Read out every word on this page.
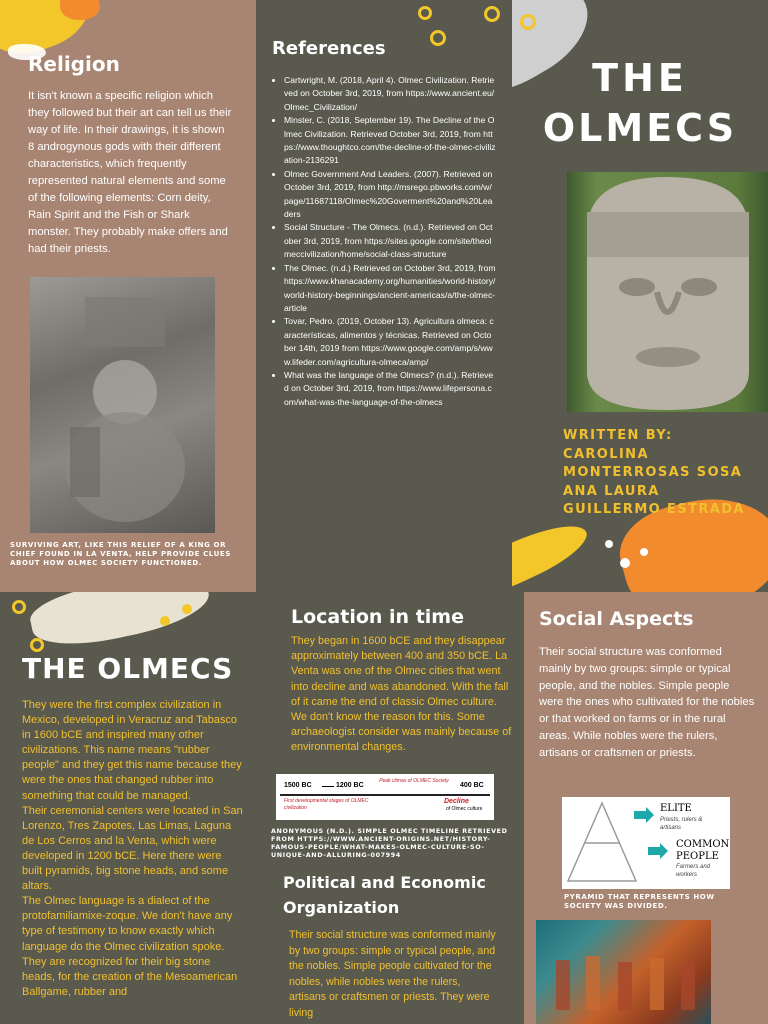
Religion

It isn't known a specific religion which they followed but their art can tell us their way of life. In their drawings, it is shown 8 androgynous gods with their different characteristics, which frequently represented natural elements and some of the following elements: Corn deity, Rain Spirit and the Fish or Shark monster. They probably make offers and had their priests.

SURVIVING ART, LIKE THIS RELIEF OF A KING OR CHIEF FOUND IN LA VENTA, HELP PROVIDE CLUES ABOUT HOW OLMEC SOCIETY FUNCTIONED.

References
• Cartwright, M. (2018, April 4). Olmec Civilization. Retrieved on October 3rd, 2019, from https://www.ancient.eu/Olmec_Civilization/
• Minster, C. (2018, September 19). The Decline of the Olmec Civilization. Retrieved October 3rd, 2019, from https://www.thoughtco.com/the-decline-of-the-olmec-civilization-2136291
• Olmec Government And Leaders. (2007). Retrieved on October 3rd, 2019, from http://msrego.pbworks.com/w/page/11687118/Olmec%20Goverment%20and%20Leaders
• Social Structure - The Olmecs. (n.d.). Retrieved on October 3rd, 2019, from https://sites.google.com/site/theolmeccivilization/home/social-class-structure
• The Olmec. (n.d.) Retrieved on October 3rd, 2019, from https://www.khanacademy.org/humanities/world-history/world-history-beginnings/ancient-americas/a/the-olmec-article
• Tovar, Pedro. (2019, October 13). Agricultura olmeca: características, alimentos y técnicas. Retrieved on October 14th, 2019 from https://www.google.com/amp/s/www.lifeder.com/agricultura-olmeca/amp/
• What was the language of the Olmecs? (n.d.). Retrieved on October 3rd, 2019, from https://www.lifepersona.com/what-was-the-language-of-the-olmecs
THE
OLMECS

WRITTEN BY:

CAROLINA MONTERROSAS SOSA

ANA LAURA GUILLERMO ESTRADA

THE OLMECS

They were the first complex civilization in Mexico, developed in Veracruz and Tabasco in 1600 bCE and inspired many other civilizations. This name means "rubber people" and they get this name because they were the ones that changed rubber into something that could be managed.
Their ceremonial centers were located in San Lorenzo, Tres Zapotes, Las Limas, Laguna de Los Cerros and la Venta, which were developed in 1200 bCE. Here there were built pyramids, big stone heads, and some altars.
The Olmec language is a dialect of the protofamiliamixe-zoque. We don't have any type of testimony to know exactly which language do the Olmec civilization spoke.
They are recognized for their big stone heads, for the creation of the Mesoamerican Ballgame, rubber and

Location in time

They began in 1600 bCE and they disappear approximately between 400 and 350 bCE. La Venta was one of the Olmec cities that went into decline and was abandoned. With the fall of it came the end of classic Olmec culture. We don't know the reason for this. Some archaeologist consider was mainly because of environmental changes.

1500 BC	1200 BC
Peak climax of OLMEC Society
400 BC
First developmental stages of OLMEC civilization
Decline
of Olmec culture

ANONYMOUS (N.D.). SIMPLE OLMEC TIMELINE RETRIEVED FROM HTTPS://WWW.ANCIENT-ORIGINS.NET/HISTORY-FAMOUS-PEOPLE/WHAT-MAKES-OLMEC-CULTURE-SO-UNIQUE-AND-ALLURING-007994

Political and Economic Organization

Their social structure was conformed mainly by two groups: simple or typical people, and the nobles. Simple people cultivated for the nobles, while nobles were the rulers, artisans or craftsmen or priests. They were living

Social Aspects

Their social structure was conformed mainly by two groups: simple or typical people, and the nobles. Simple people were the ones who cultivated for the nobles or that worked on farms or in the rural areas. While nobles were the rulers, artisans or craftsmen or priests.

ELITE
Priests, rulers & artisans
COMMON
PEOPLE
Farmers and workers

PYRAMID THAT REPRESENTS HOW SOCIETY WAS DIVIDED.
